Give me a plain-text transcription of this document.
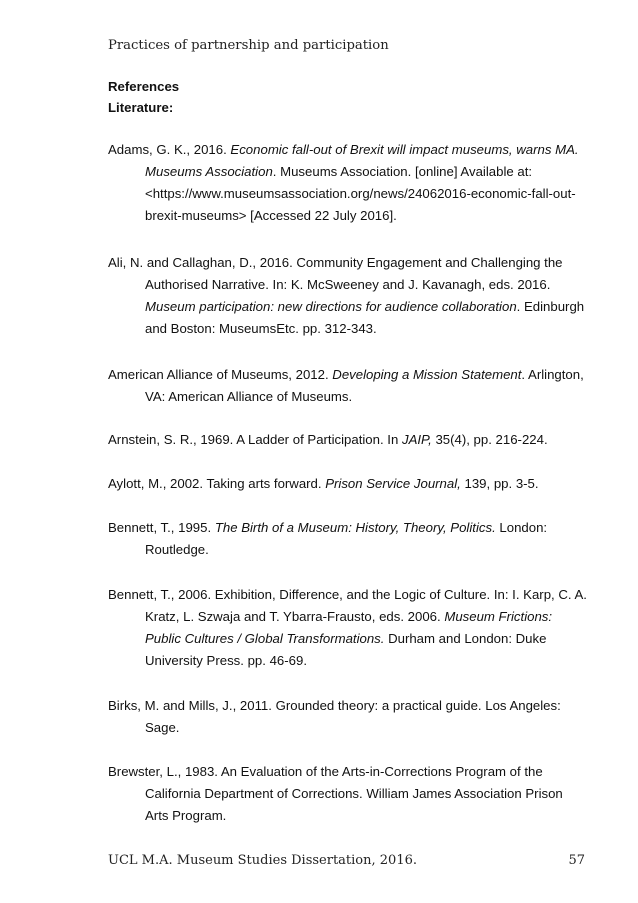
Practices of partnership and participation
References
Literature:
Adams, G. K., 2016. Economic fall-out of Brexit will impact museums, warns MA.
Museums Association. Museums Association. [online] Available at:
<https://www.museumsassociation.org/news/24062016-economic-fall-out-
brexit-museums> [Accessed 22 July 2016].
Ali, N. and Callaghan, D., 2016. Community Engagement and Challenging the
Authorised Narrative. In: K. McSweeney and J. Kavanagh, eds. 2016.
Museum participation: new directions for audience collaboration. Edinburgh
and Boston: MuseumsEtc. pp. 312-343.
American Alliance of Museums, 2012. Developing a Mission Statement. Arlington,
VA: American Alliance of Museums.
Arnstein, S. R., 1969. A Ladder of Participation. In JAIP, 35(4), pp. 216-224.
Aylott, M., 2002. Taking arts forward. Prison Service Journal, 139, pp. 3-5.
Bennett, T., 1995. The Birth of a Museum: History, Theory, Politics. London:
Routledge.
Bennett, T., 2006. Exhibition, Difference, and the Logic of Culture. In: I. Karp, C. A.
Kratz, L. Szwaja and T. Ybarra-Frausto, eds. 2006. Museum Frictions:
Public Cultures / Global Transformations. Durham and London: Duke
University Press. pp. 46-69.
Birks, M. and Mills, J., 2011. Grounded theory: a practical guide. Los Angeles:
Sage.
Brewster, L., 1983. An Evaluation of the Arts-in-Corrections Program of the
California Department of Corrections. William James Association Prison
Arts Program.
UCL M.A. Museum Studies Dissertation, 2016.	57
